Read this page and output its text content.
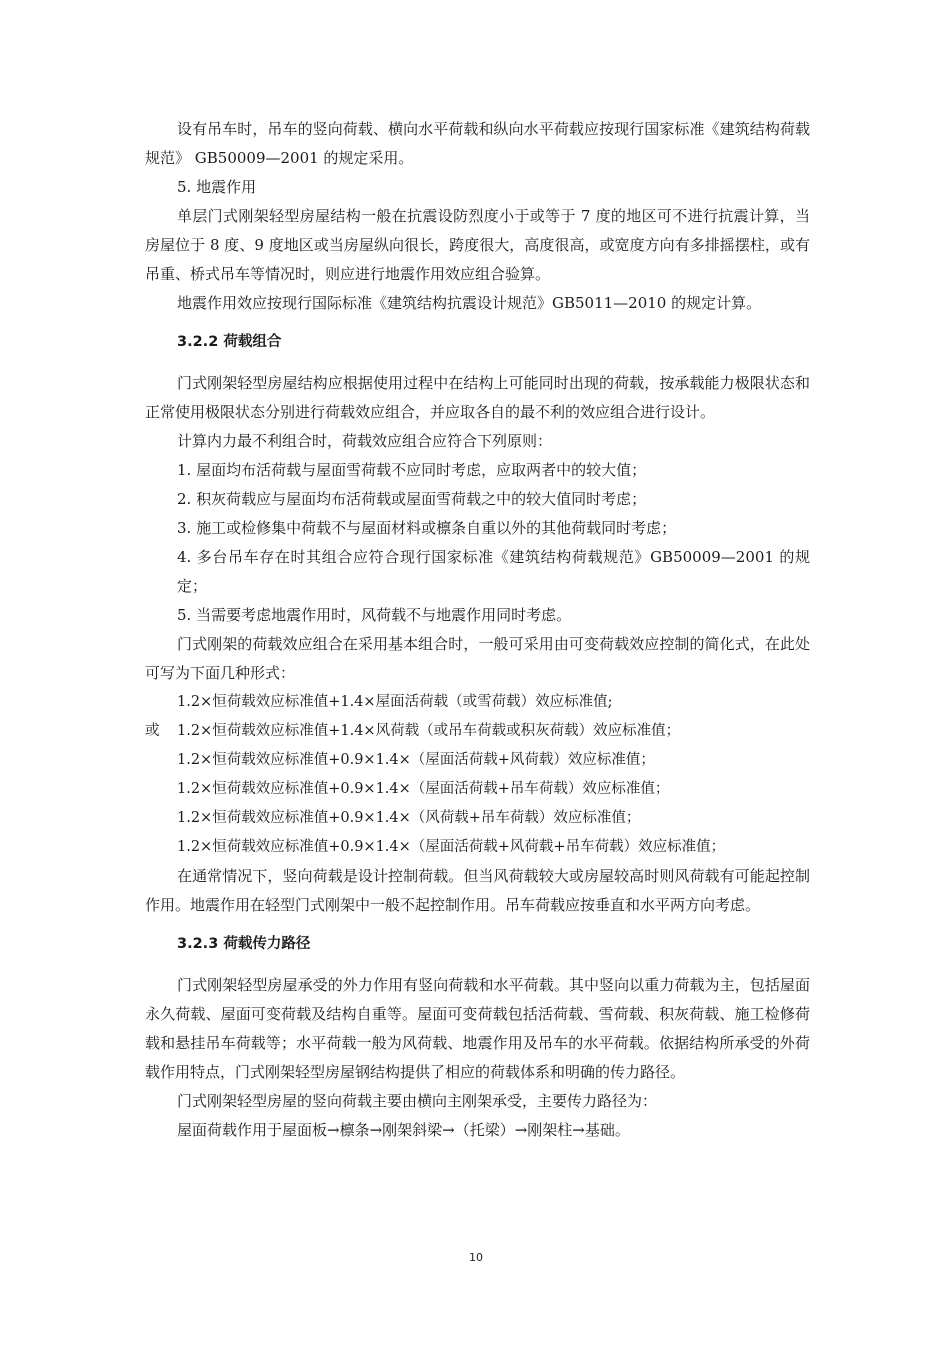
设有吊车时，吊车的竖向荷载、横向水平荷载和纵向水平荷载应按现行国家标准《建筑结构荷载规范》 GB50009—2001 的规定采用。

5. 地震作用

单层门式刚架轻型房屋结构一般在抗震设防烈度小于或等于 7 度的地区可不进行抗震计算，当房屋位于 8 度、9 度地区或当房屋纵向很长，跨度很大，高度很高，或宽度方向有多排摇摆柱，或有吊重、桥式吊车等情况时，则应进行地震作用效应组合验算。

地震作用效应按现行国际标准《建筑结构抗震设计规范》GB5011—2010 的规定计算。

3.2.2 荷载组合

门式刚架轻型房屋结构应根据使用过程中在结构上可能同时出现的荷载，按承载能力极限状态和正常使用极限状态分别进行荷载效应组合，并应取各自的最不利的效应组合进行设计。

计算内力最不利组合时，荷载效应组合应符合下列原则：

1. 屋面均布活荷载与屋面雪荷载不应同时考虑，应取两者中的较大值；

2. 积灰荷载应与屋面均布活荷载或屋面雪荷载之中的较大值同时考虑；

3. 施工或检修集中荷载不与屋面材料或檩条自重以外的其他荷载同时考虑；

4. 多台吊车存在时其组合应符合现行国家标准《建筑结构荷载规范》GB50009—2001 的规定；

5. 当需要考虑地震作用时，风荷载不与地震作用同时考虑。

门式刚架的荷载效应组合在采用基本组合时，一般可采用由可变荷载效应控制的简化式，在此处可写为下面几种形式：

1.2×恒荷载效应标准值+1.4×屋面活荷载（或雪荷载）效应标准值;

或 1.2×恒荷载效应标准值+1.4×风荷载（或吊车荷载或积灰荷载）效应标准值；

1.2×恒荷载效应标准值+0.9×1.4×（屋面活荷载+风荷载）效应标准值；

1.2×恒荷载效应标准值+0.9×1.4×（屋面活荷载+吊车荷载）效应标准值；

1.2×恒荷载效应标准值+0.9×1.4×（风荷载+吊车荷载）效应标准值；

1.2×恒荷载效应标准值+0.9×1.4×（屋面活荷载+风荷载+吊车荷载）效应标准值；

在通常情况下，竖向荷载是设计控制荷载。但当风荷载较大或房屋较高时则风荷载有可能起控制作用。地震作用在轻型门式刚架中一般不起控制作用。吊车荷载应按垂直和水平两方向考虑。

3.2.3 荷载传力路径

门式刚架轻型房屋承受的外力作用有竖向荷载和水平荷载。其中竖向以重力荷载为主，包括屋面永久荷载、屋面可变荷载及结构自重等。屋面可变荷载包括活荷载、雪荷载、积灰荷载、施工检修荷载和悬挂吊车荷载等；水平荷载一般为风荷载、地震作用及吊车的水平荷载。依据结构所承受的外荷载作用特点，门式刚架轻型房屋钢结构提供了相应的荷载体系和明确的传力路径。

门式刚架轻型房屋的竖向荷载主要由横向主刚架承受，主要传力路径为：

屋面荷载作用于屋面板→檩条→刚架斜梁→（托梁）→刚架柱→基础。

10
